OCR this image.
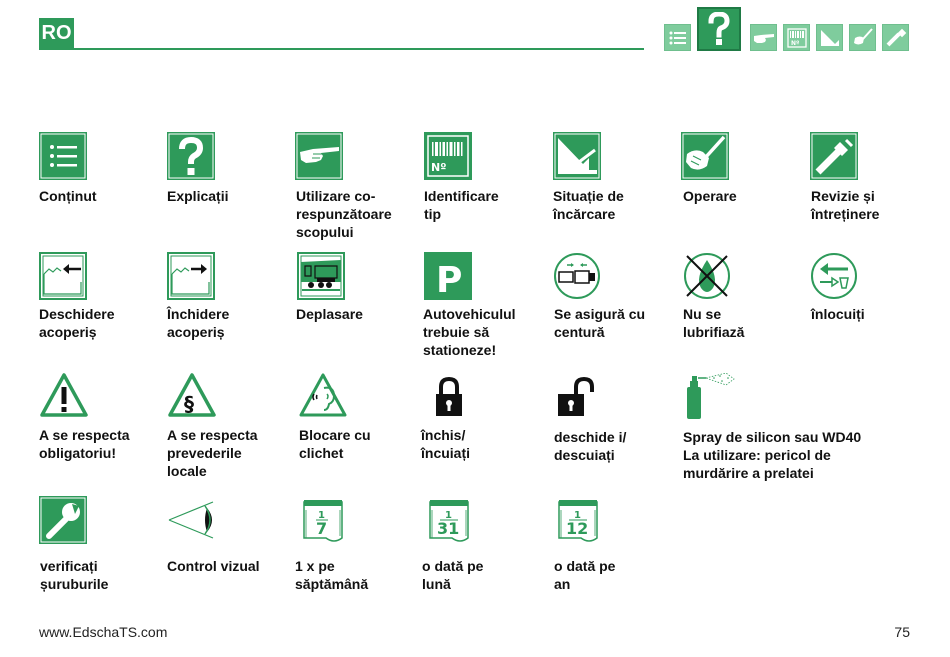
RO	Nº
Nº
Conținut	Explicații	Utilizare co-
respunzătoare
scopului
Identificare
tip
Situație de
încărcare
Operare	Revizie și
întreținere
P
Deschidere
acoperiș
Închidere
acoperiș
Deplasare	Autovehiculul
trebuie să
stationeze!
Se asigură cu
centură
Nu se
lubrifiază
înlocuiți
§
A se respecta
obligatoriu!
A se respecta
prevederile
locale
Blocare cu
clichet
închis/
încuiați
deschide i/
descuiați
Spray de silicon sau WD40
La utilizare: pericol de
murdărire a prelatei
1
7
1
31
1
12
verificați
șuruburile
Control vizual	1 x pe
săptămână
o dată pe
lună
o dată pe
an
www.EdschaTS.com	75
